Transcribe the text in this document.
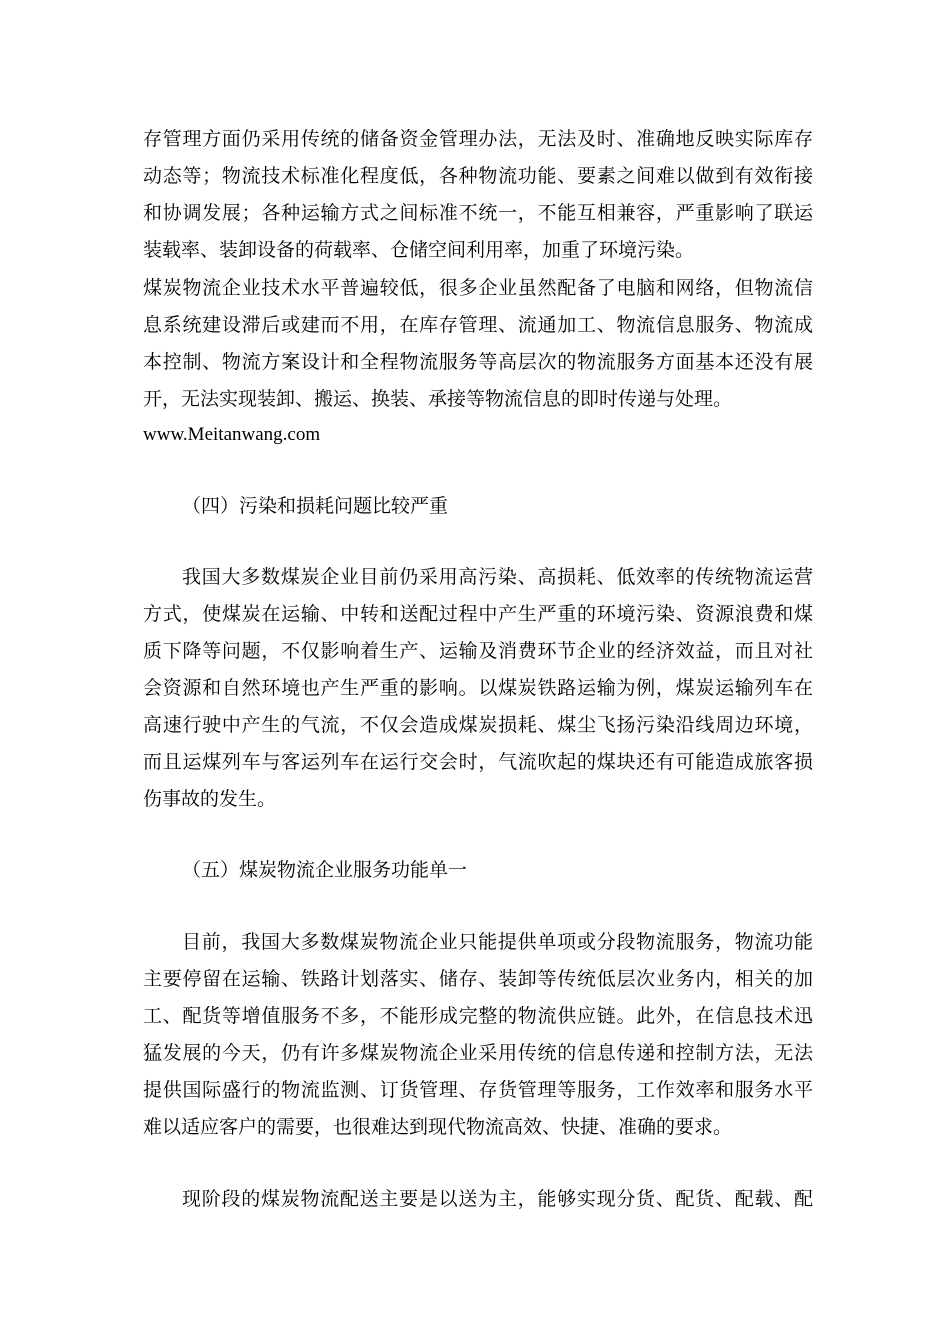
存管理方面仍采用传统的储备资金管理办法，无法及时、准确地反映实际库存
动态等；物流技术标准化程度低，各种物流功能、要素之间难以做到有效衔接
和协调发展；各种运输方式之间标准不统一，不能互相兼容，严重影响了联运
装载率、装卸设备的荷载率、仓储空间利用率，加重了环境污染。
煤炭物流企业技术水平普遍较低，很多企业虽然配备了电脑和网络，但物流信
息系统建设滞后或建而不用，在库存管理、流通加工、物流信息服务、物流成
本控制、物流方案设计和全程物流服务等高层次的物流服务方面基本还没有展
开，无法实现装卸、搬运、换装、承接等物流信息的即时传递与处理。
www.Meitanwang.com
（四）污染和损耗问题比较严重
我国大多数煤炭企业目前仍采用高污染、高损耗、低效率的传统物流运营
方式，使煤炭在运输、中转和送配过程中产生严重的环境污染、资源浪费和煤
质下降等问题，不仅影响着生产、运输及消费环节企业的经济效益，而且对社
会资源和自然环境也产生严重的影响。以煤炭铁路运输为例，煤炭运输列车在
高速行驶中产生的气流，不仅会造成煤炭损耗、煤尘飞扬污染沿线周边环境，
而且运煤列车与客运列车在运行交会时，气流吹起的煤块还有可能造成旅客损
伤事故的发生。
（五）煤炭物流企业服务功能单一
目前，我国大多数煤炭物流企业只能提供单项或分段物流服务，物流功能
主要停留在运输、铁路计划落实、储存、装卸等传统低层次业务内，相关的加
工、配货等增值服务不多，不能形成完整的物流供应链。此外，在信息技术迅
猛发展的今天，仍有许多煤炭物流企业采用传统的信息传递和控制方法，无法
提供国际盛行的物流监测、订货管理、存货管理等服务，工作效率和服务水平
难以适应客户的需要，也很难达到现代物流高效、快捷、准确的要求。
现阶段的煤炭物流配送主要是以送为主，能够实现分货、配货、配载、配
